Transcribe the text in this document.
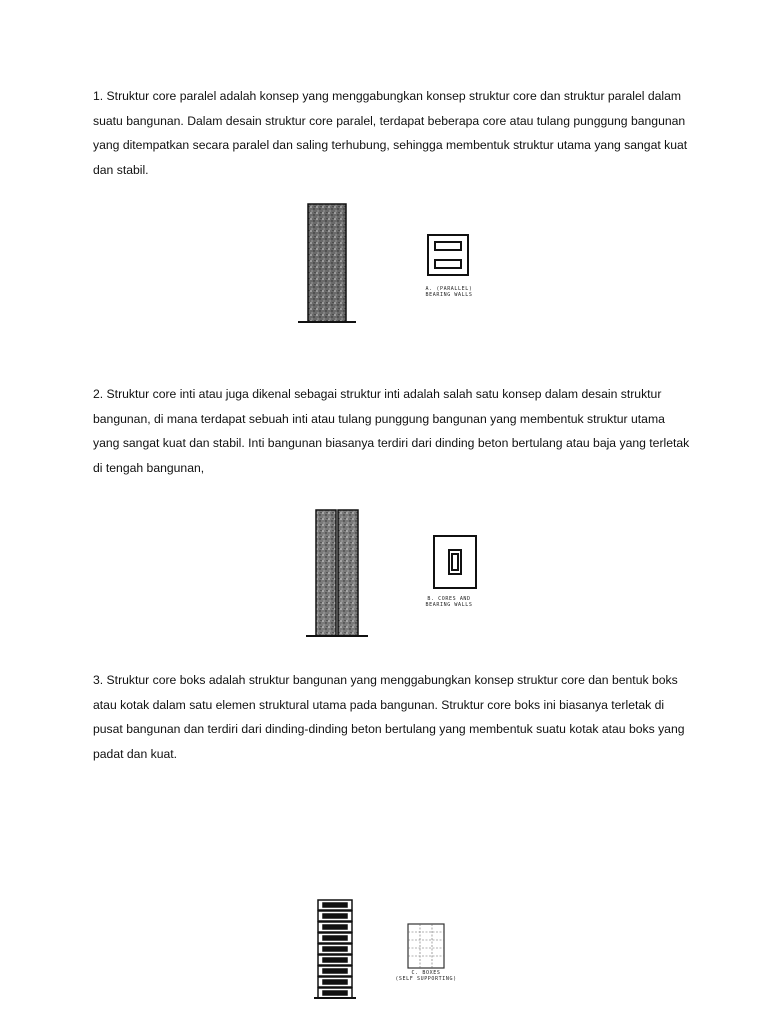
1. Struktur core paralel adalah konsep yang menggabungkan konsep struktur core dan struktur paralel dalam suatu bangunan. Dalam desain struktur core paralel, terdapat beberapa core atau tulang punggung bangunan yang ditempatkan secara paralel dan saling terhubung, sehingga membentuk struktur utama yang sangat kuat dan stabil.

A. (PARALLEL)
BEARING WALLS

2. Struktur core inti atau juga dikenal sebagai struktur inti adalah salah satu konsep dalam desain struktur bangunan, di mana terdapat sebuah inti atau tulang punggung bangunan yang membentuk struktur utama yang sangat kuat dan stabil. Inti bangunan biasanya terdiri dari dinding beton bertulang atau baja yang terletak di tengah bangunan,

B. CORES AND
BEARING WALLS

3. Struktur core boks adalah struktur bangunan yang menggabungkan konsep struktur core dan bentuk boks atau kotak dalam satu elemen struktural utama pada bangunan. Struktur core boks ini biasanya terletak di pusat bangunan dan terdiri dari dinding-dinding beton bertulang yang membentuk suatu kotak atau boks yang padat dan kuat.

C. BOXES
(SELF SUPPORTING)
